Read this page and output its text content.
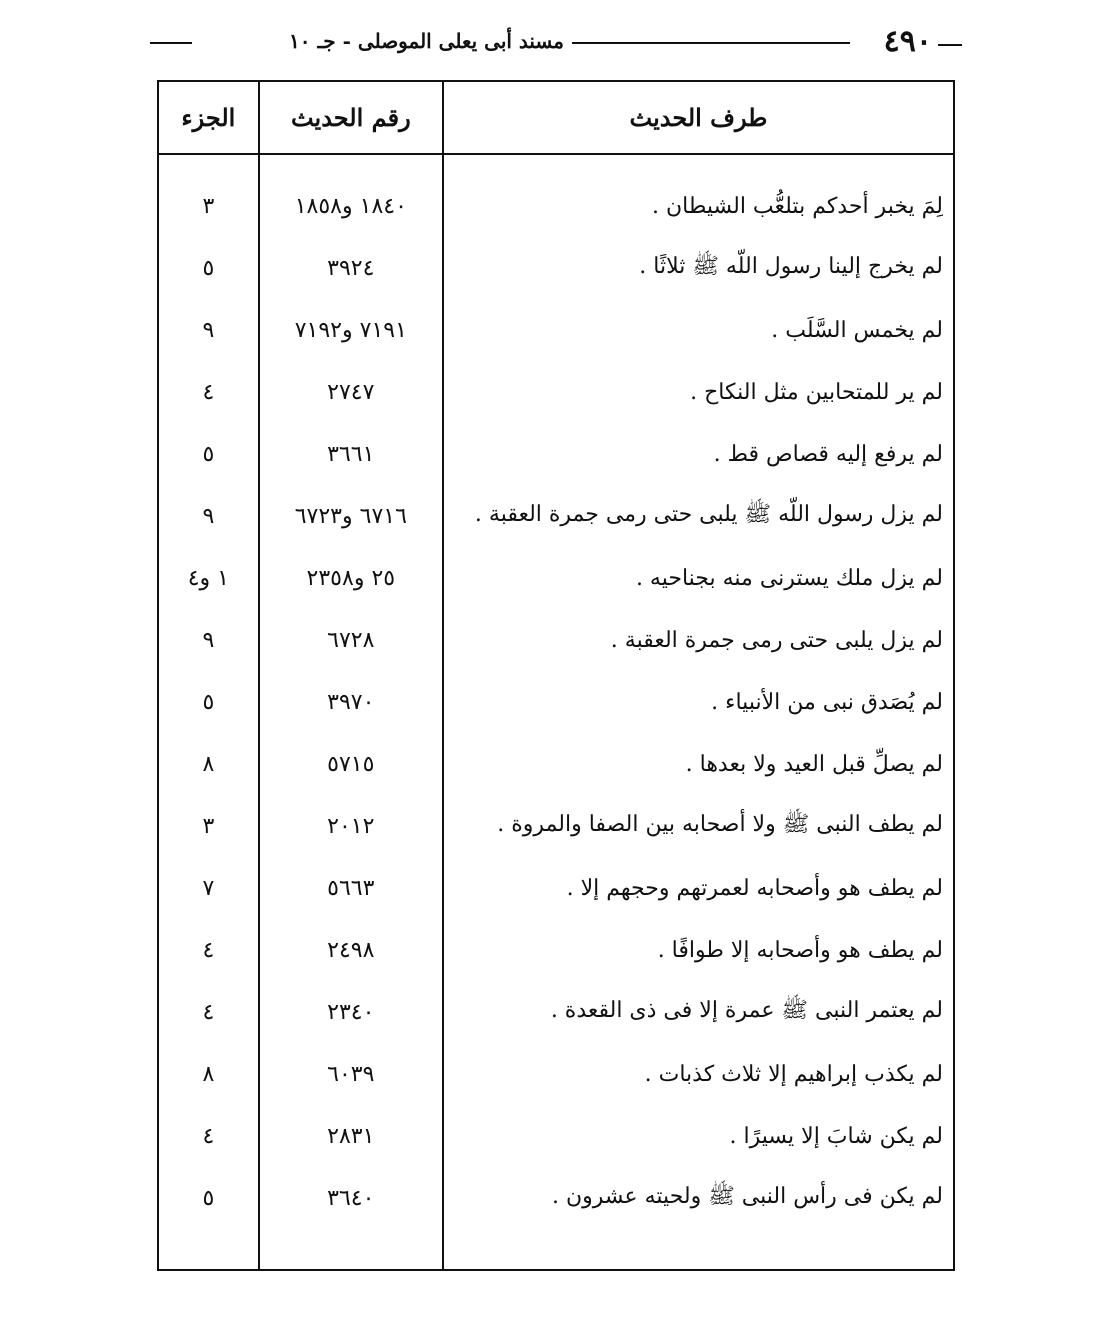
٤٩٠
مسند أبى يعلى الموصلى - جـ ١٠
طرف الحديث	رقم الحديث	الجزء

لِمَ يخبر أحدكم بتلعُّب الشيطان .	١٨٤٠ و١٨٥٨	٣
لم يخرج إلينا رسول اللّه ﷺ ثلاثًا .	٣٩٢٤	٥
لم يخمس السَّلَب .	٧١٩١ و٧١٩٢	٩
لم ير للمتحابين مثل النكاح .	٢٧٤٧	٤
لم يرفع إليه قصاص قط .	٣٦٦١	٥
لم يزل رسول اللّه ﷺ يلبى حتى رمى جمرة العقبة .	٦٧١٦ و٦٧٢٣	٩
لم يزل ملك يسترنى منه بجناحيه .	٢٥ و٢٣٥٨	١ و٤
لم يزل يلبى حتى رمى جمرة العقبة .	٦٧٢٨	٩
لم يُصَدق نبى من الأنبياء .	٣٩٧٠	٥
لم يصلِّ قبل العيد ولا بعدها .	٥٧١٥	٨
لم يطف النبى ﷺ ولا أصحابه بين الصفا والمروة .	٢٠١٢	٣
لم يطف هو وأصحابه لعمرتهم وحجهم إلا .	٥٦٦٣	٧
لم يطف هو وأصحابه إلا طوافًا .	٢٤٩٨	٤
لم يعتمر النبى ﷺ عمرة إلا فى ذى القعدة .	٢٣٤٠	٤
لم يكذب إبراهيم إلا ثلاث كذبات .	٦٠٣٩	٨
لم يكن شابَ إلا يسيرًا .	٢٨٣١	٤
لم يكن فى رأس النبى ﷺ ولحيته عشرون .	٣٦٤٠	٥
